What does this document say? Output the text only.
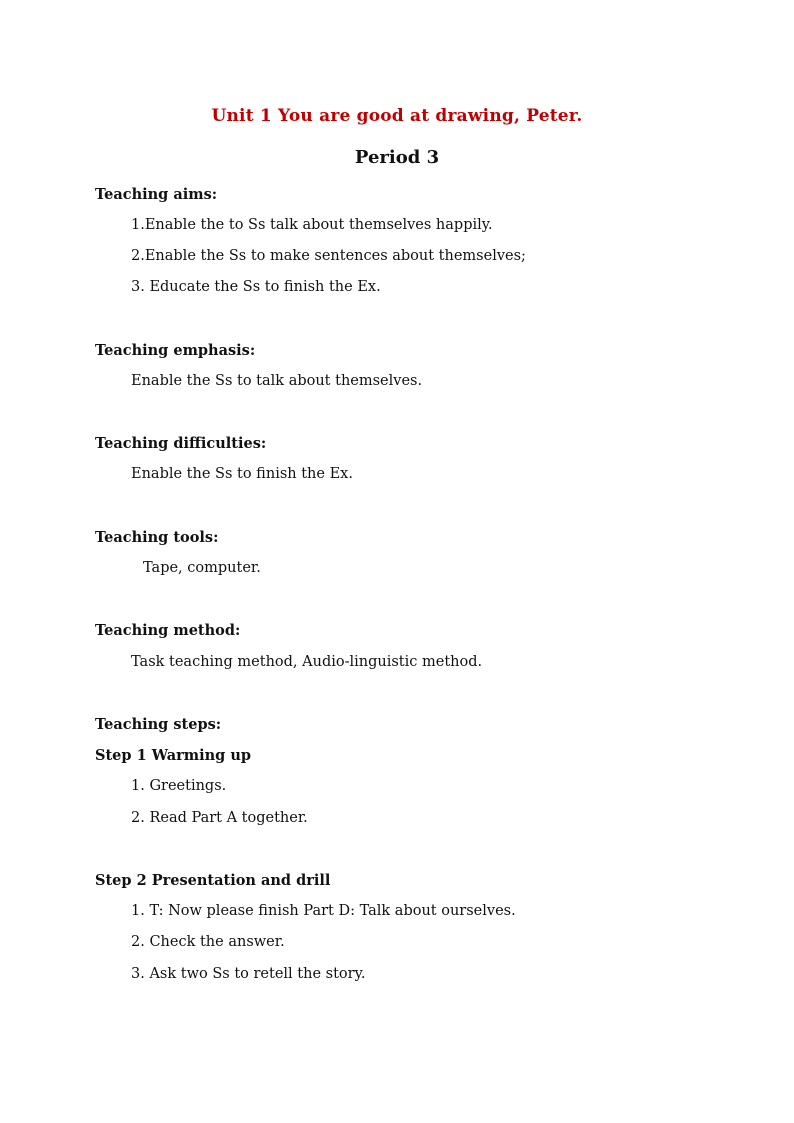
Unit 1 You are good at drawing, Peter.
Period 3
Teaching aims:
1.Enable the to Ss talk about themselves happily.
2.Enable the Ss to make sentences about themselves;
3. Educate the Ss to finish the Ex.
Teaching emphasis:
Enable the Ss to talk about themselves.
Teaching difficulties:
Enable the Ss to finish the Ex.
Teaching tools:
Tape, computer.
Teaching method:
Task teaching method, Audio-linguistic method.
Teaching steps:
Step 1 Warming up
1. Greetings.
2. Read Part A together.
Step 2 Presentation and drill
1. T: Now please finish Part D: Talk about ourselves.
2. Check the answer.
3. Ask two Ss to retell the story.
